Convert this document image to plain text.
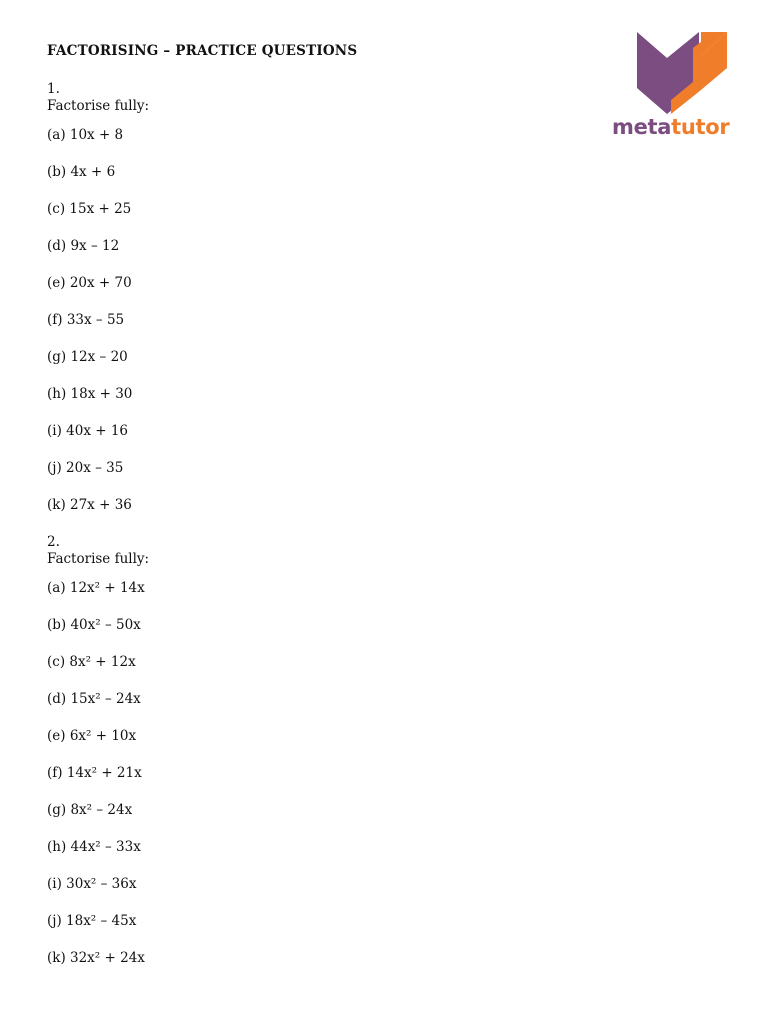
FACTORISING – PRACTICE QUESTIONS
metatutor
1.
Factorise fully:
(a) 10x + 8
(b) 4x + 6
(c) 15x + 25
(d) 9x – 12
(e) 20x + 70
(f) 33x – 55
(g) 12x – 20
(h) 18x + 30
(i) 40x + 16
(j) 20x – 35
(k) 27x + 36
2.
Factorise fully:
(a) 12x² + 14x
(b) 40x² – 50x
(c) 8x² + 12x
(d) 15x² – 24x
(e) 6x² + 10x
(f) 14x² + 21x
(g) 8x² – 24x
(h) 44x² – 33x
(i) 30x² – 36x
(j) 18x² – 45x
(k) 32x² + 24x
